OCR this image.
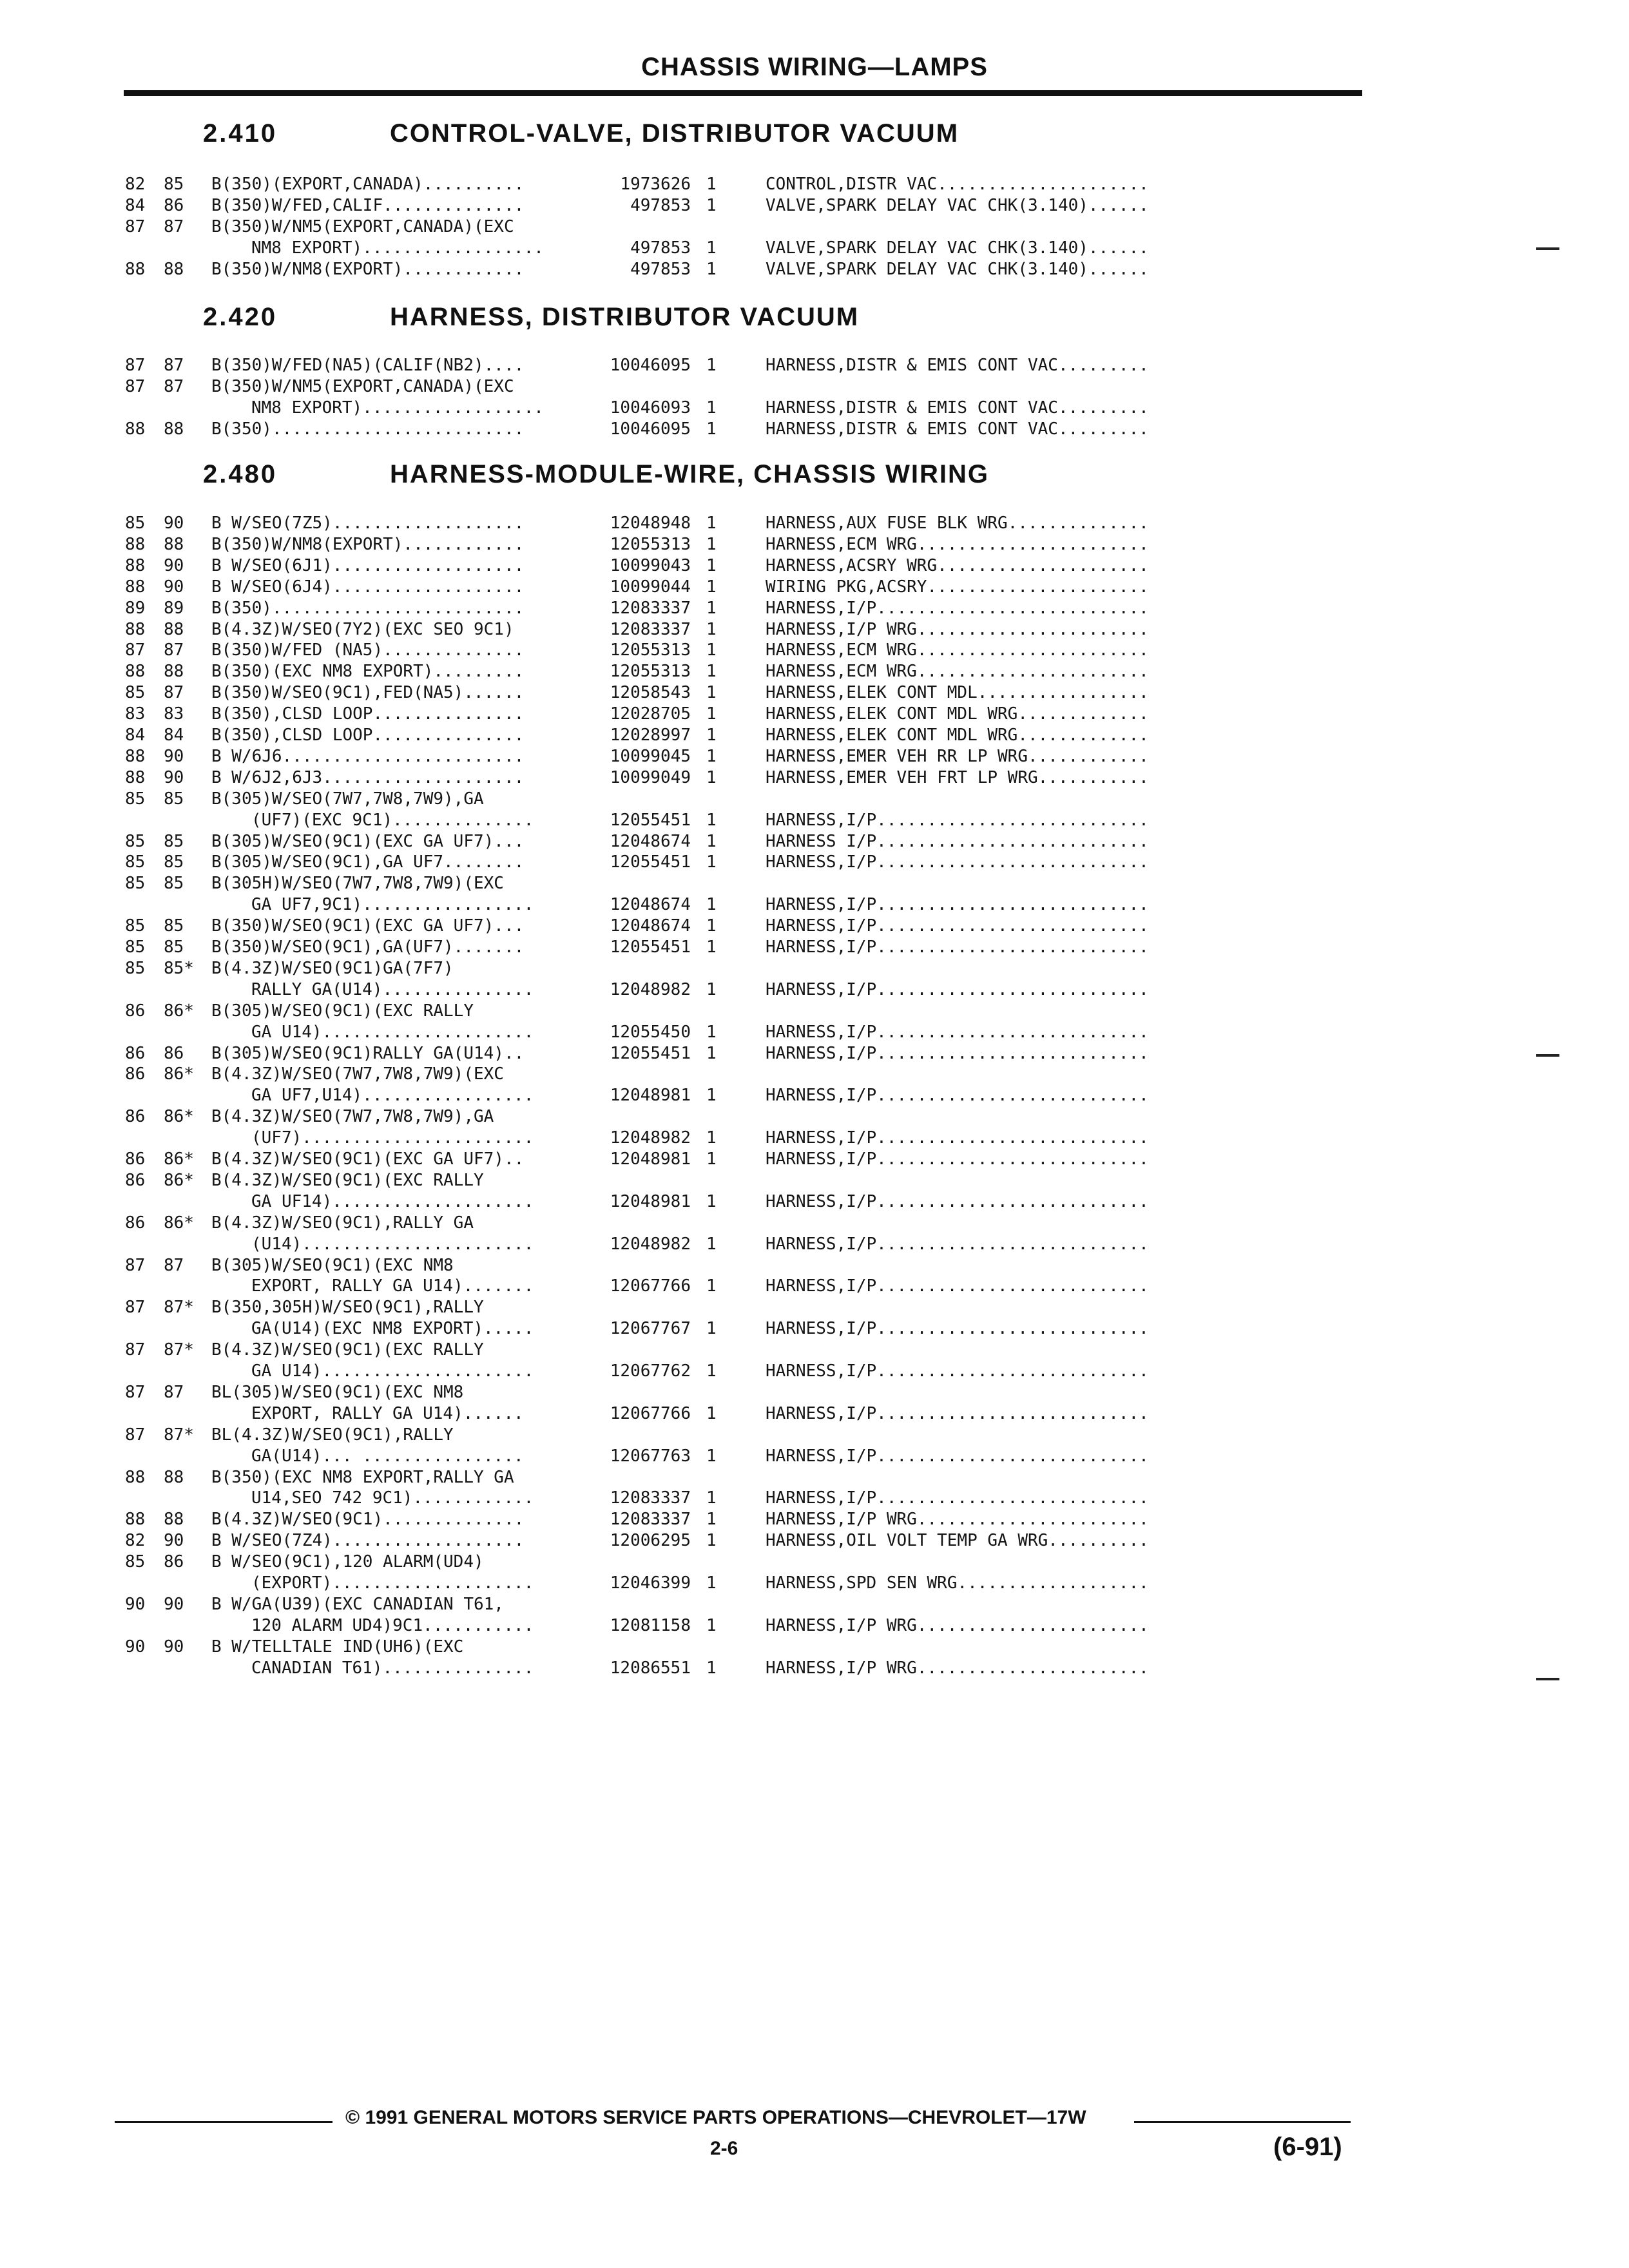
CHASSIS WIRING—LAMPS
2.410	CONTROL-VALVE, DISTRIBUTOR VACUUM
82 85 B(350)(EXPORT,CANADA)..........	1973626 1	CONTROL,DISTR VAC.....................
84 86 B(350)W/FED,CALIF..............	497853 1	VALVE,SPARK DELAY VAC CHK(3.140)......
87 87 B(350)W/NM5(EXPORT,CANADA)(EXC
NM8 EXPORT)..................	497853 1	VALVE,SPARK DELAY VAC CHK(3.140)......
88 88 B(350)W/NM8(EXPORT)............	497853 1	VALVE,SPARK DELAY VAC CHK(3.140)......
2.420	HARNESS, DISTRIBUTOR VACUUM
87 87 B(350)W/FED(NA5)(CALIF(NB2)....	10046095 1	HARNESS,DISTR & EMIS CONT VAC.........
87 87 B(350)W/NM5(EXPORT,CANADA)(EXC
NM8 EXPORT)..................	10046093 1	HARNESS,DISTR & EMIS CONT VAC.........
88 88 B(350).........................	10046095 1	HARNESS,DISTR & EMIS CONT VAC.........
2.480	HARNESS-MODULE-WIRE, CHASSIS WIRING
85 90 B W/SEO(7Z5)...................	12048948 1	HARNESS,AUX FUSE BLK WRG..............
88 88 B(350)W/NM8(EXPORT)............	12055313 1	HARNESS,ECM WRG.......................
88 90 B W/SEO(6J1)...................	10099043 1	HARNESS,ACSRY WRG.....................
88 90 B W/SEO(6J4)...................	10099044 1	WIRING PKG,ACSRY......................
89 89 B(350).........................	12083337 1	HARNESS,I/P...........................
88 88 B(4.3Z)W/SEO(7Y2)(EXC SEO 9C1)	12083337 1	HARNESS,I/P WRG.......................
87 87 B(350)W/FED (NA5)..............	12055313 1	HARNESS,ECM WRG.......................
88 88 B(350)(EXC NM8 EXPORT).........	12055313 1	HARNESS,ECM WRG.......................
85 87 B(350)W/SEO(9C1),FED(NA5)......	12058543 1	HARNESS,ELEK CONT MDL.................
83 83 B(350),CLSD LOOP...............	12028705 1	HARNESS,ELEK CONT MDL WRG.............
84 84 B(350),CLSD LOOP...............	12028997 1	HARNESS,ELEK CONT MDL WRG.............
88 90 B W/6J6........................	10099045 1	HARNESS,EMER VEH RR LP WRG............
88 90 B W/6J2,6J3....................	10099049 1	HARNESS,EMER VEH FRT LP WRG...........
85 85 B(305)W/SEO(7W7,7W8,7W9),GA
(UF7)(EXC 9C1)..............	12055451 1	HARNESS,I/P...........................
85 85 B(305)W/SEO(9C1)(EXC GA UF7)...	12048674 1	HARNESS I/P...........................
85 85 B(305)W/SEO(9C1),GA UF7........	12055451 1	HARNESS,I/P...........................
85 85 B(305H)W/SEO(7W7,7W8,7W9)(EXC
GA UF7,9C1).................	12048674 1	HARNESS,I/P...........................
85 85 B(350)W/SEO(9C1)(EXC GA UF7)...	12048674 1	HARNESS,I/P...........................
85 85 B(350)W/SEO(9C1),GA(UF7).......	12055451 1	HARNESS,I/P...........................
85 85* B(4.3Z)W/SEO(9C1)GA(7F7)
RALLY GA(U14)...............	12048982 1	HARNESS,I/P...........................
86 86* B(305)W/SEO(9C1)(EXC RALLY
GA U14).....................	12055450 1	HARNESS,I/P...........................
86 86 B(305)W/SEO(9C1)RALLY GA(U14)..	12055451 1	HARNESS,I/P...........................
86 86* B(4.3Z)W/SEO(7W7,7W8,7W9)(EXC
GA UF7,U14).................	12048981 1	HARNESS,I/P...........................
86 86* B(4.3Z)W/SEO(7W7,7W8,7W9),GA
(UF7).......................	12048982 1	HARNESS,I/P...........................
86 86* B(4.3Z)W/SEO(9C1)(EXC GA UF7)..	12048981 1	HARNESS,I/P...........................
86 86* B(4.3Z)W/SEO(9C1)(EXC RALLY
GA UF14)....................	12048981 1	HARNESS,I/P...........................
86 86* B(4.3Z)W/SEO(9C1),RALLY GA
(U14).......................	12048982 1	HARNESS,I/P...........................
87 87 B(305)W/SEO(9C1)(EXC NM8
EXPORT, RALLY GA U14).......	12067766 1	HARNESS,I/P...........................
87 87* B(350,305H)W/SEO(9C1),RALLY
GA(U14)(EXC NM8 EXPORT).....	12067767 1	HARNESS,I/P...........................
87 87* B(4.3Z)W/SEO(9C1)(EXC RALLY
GA U14).....................	12067762 1	HARNESS,I/P...........................
87 87 BL(305)W/SEO(9C1)(EXC NM8
EXPORT, RALLY GA U14)......	12067766 1	HARNESS,I/P...........................
87 87* BL(4.3Z)W/SEO(9C1),RALLY
GA(U14)... ................	12067763 1	HARNESS,I/P...........................
88 88 B(350)(EXC NM8 EXPORT,RALLY GA
U14,SEO 742 9C1)............	12083337 1	HARNESS,I/P...........................
88 88 B(4.3Z)W/SEO(9C1)..............	12083337 1	HARNESS,I/P WRG.......................
82 90 B W/SEO(7Z4)...................	12006295 1	HARNESS,OIL VOLT TEMP GA WRG..........
85 86 B W/SEO(9C1),120 ALARM(UD4)
(EXPORT)....................	12046399 1	HARNESS,SPD SEN WRG...................
90 90 B W/GA(U39)(EXC CANADIAN T61,
120 ALARM UD4)9C1...........	12081158 1	HARNESS,I/P WRG.......................
90 90 B W/TELLTALE IND(UH6)(EXC
CANADIAN T61)...............	12086551 1	HARNESS,I/P WRG.......................
© 1991 GENERAL MOTORS SERVICE PARTS OPERATIONS—CHEVROLET—17W
2-6	(6-91)
